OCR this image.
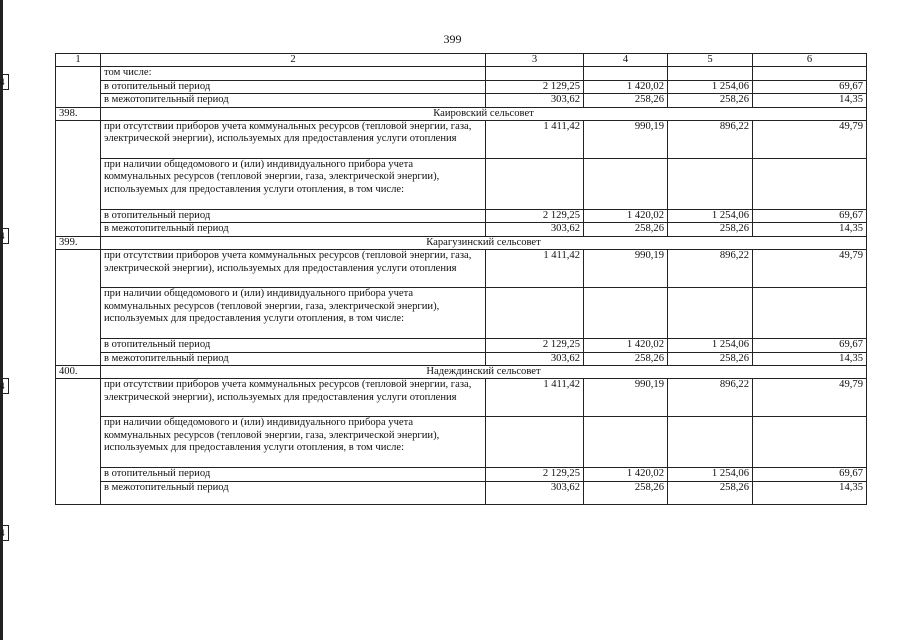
4
4
4
4
399
1	2	3	4	5	6
	том числе:				
	в отопительный период	2 129,25	1 420,02	1 254,06	69,67
	в межотопительный период	303,62	258,26	258,26	14,35
398.	Каировский сельсовет				
	при отсутствии приборов учета коммунальных ресурсов (тепловой энергии, газа, электрической энергии), используемых для предоставления услуги отопления	1 411,42	990,19	896,22	49,79
	при наличии общедомового и (или) индивидуального прибора учета коммунальных ресурсов (тепловой энергии, газа, электрической энергии), используемых для предоставления услуги отопления, в том числе:				
	в отопительный период	2 129,25	1 420,02	1 254,06	69,67
	в межотопительный период	303,62	258,26	258,26	14,35
399.	Карагузинский сельсовет				
	при отсутствии приборов учета коммунальных ресурсов (тепловой энергии, газа, электрической энергии), используемых для предоставления услуги отопления	1 411,42	990,19	896,22	49,79
	при наличии общедомового и (или) индивидуального прибора учета коммунальных ресурсов (тепловой энергии, газа, электрической энергии), используемых для предоставления услуги отопления, в том числе:				
	в отопительный период	2 129,25	1 420,02	1 254,06	69,67
	в межотопительный период	303,62	258,26	258,26	14,35
400.	Надеждинский сельсовет				
	при отсутствии приборов учета коммунальных ресурсов (тепловой энергии, газа, электрической энергии), используемых для предоставления услуги отопления	1 411,42	990,19	896,22	49,79
	при наличии общедомового и (или) индивидуального прибора учета коммунальных ресурсов (тепловой энергии, газа, электрической энергии), используемых для предоставления услуги отопления, в том числе:				
	в отопительный период	2 129,25	1 420,02	1 254,06	69,67
	в межотопительный период	303,62	258,26	258,26	14,35
